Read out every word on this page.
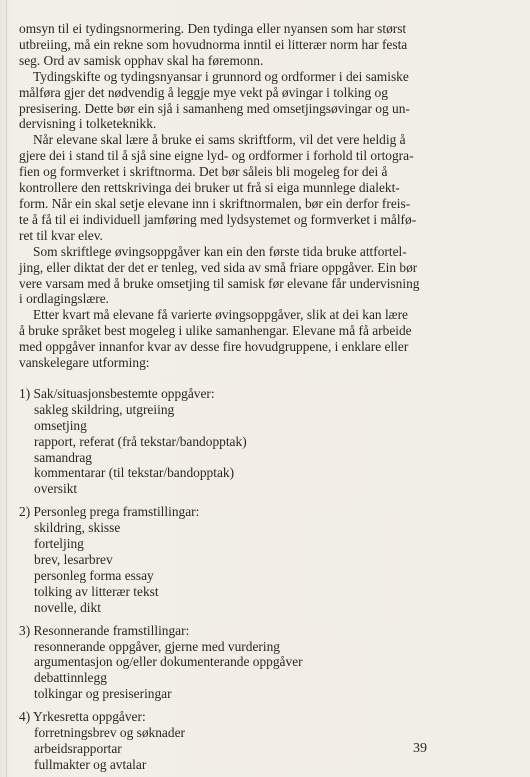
omsyn til ei tydingsnormering. Den tydinga eller nyansen som har størst
utbreiing, må ein rekne som hovudnorma inntil ei litterær norm har festa
seg. Ord av samisk opphav skal ha føremonn.

Tydingskifte og tydingsnyansar i grunnord og ordformer i dei samiske
målføra gjer det nødvendig å leggje mye vekt på øvingar i tolking og
presisering. Dette bør ein sjå i samanheng med omsetjingsøvingar og un-
dervisning i tolketeknikk.

Når elevane skal lære å bruke ei sams skriftform, vil det vere heldig å
gjere dei i stand til å sjå sine eigne lyd- og ordformer i forhold til ortogra-
fien og formverket i skriftnorma. Det bør såleis bli mogeleg for dei å
kontrollere den rettskrivinga dei bruker ut frå si eiga munnlege dialekt-
form. Når ein skal setje elevane inn i skriftnormalen, bør ein derfor freis-
te å få til ei individuell jamføring med lydsystemet og formverket i målfø-
ret til kvar elev.

Som skriftlege øvingsoppgåver kan ein den første tida bruke attfortel-
jing, eller diktat der det er tenleg, ved sida av små friare oppgåver. Ein bør
vere varsam med å bruke omsetjing til samisk før elevane får undervisning
i ordlagingslære.

Etter kvart må elevane få varierte øvingsoppgåver, slik at dei kan lære
å bruke språket best mogeleg i ulike samanhengar. Elevane må få arbeide
med oppgåver innanfor kvar av desse fire hovudgruppene, i enklare eller
vanskelegare utforming:

1) Sak/situasjonsbestemte oppgåver:
sakleg skildring, utgreiing
omsetjing
rapport, referat (frå tekstar/bandopptak)
samandrag
kommentarar (til tekstar/bandopptak)
oversikt
2) Personleg prega framstillingar:
skildring, skisse
forteljing
brev, lesarbrev
personleg forma essay
tolking av litterær tekst
novelle, dikt
3) Resonnerande framstillingar:
resonnerande oppgåver, gjerne med vurdering
argumentasjon og/eller dokumenterande oppgåver
debattinnlegg
tolkingar og presiseringar
4) Yrkesretta oppgåver:
forretningsbrev og søknader
arbeidsrapportar
fullmakter og avtalar
39
